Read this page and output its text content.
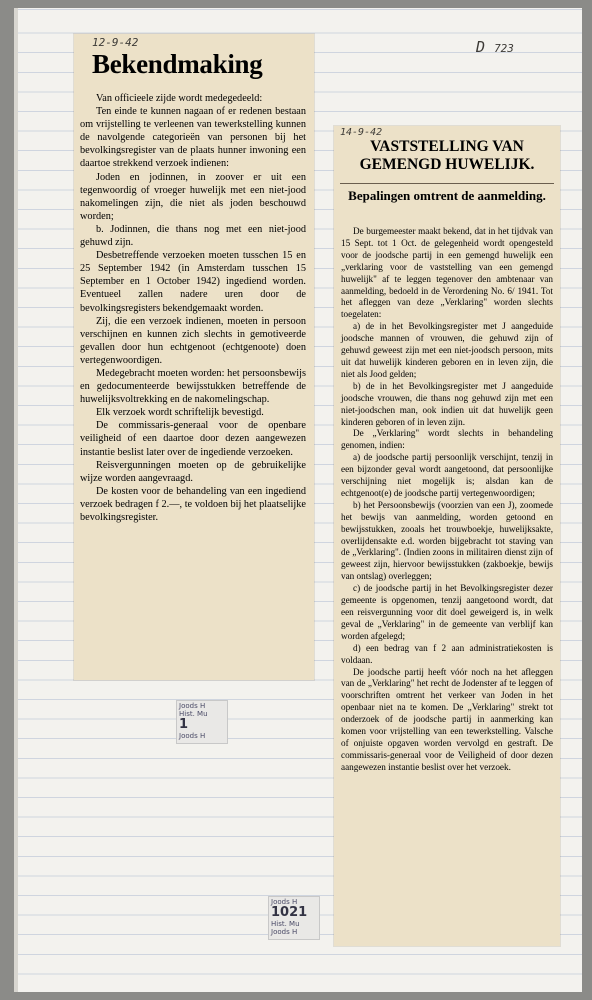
D 723
12-9-42
Bekendmaking

Van officieele zijde wordt medegedeeld:

Ten einde te kunnen nagaan of er redenen bestaan om vrijstelling te verleenen van tewerkstelling kunnen de navolgende categorieën van personen bij het bevolkingsregister van de plaats hunner inwoning een daartoe strekkend verzoek indienen:

Joden en jodinnen, in zoover er uit een tegenwoordig of vroeger huwelijk met een niet-jood nakomelingen zijn, die niet als joden beschouwd worden;

b. Jodinnen, die thans nog met een niet-jood gehuwd zijn.

Desbetreffende verzoeken moeten tusschen 15 en 25 September 1942 (in Amsterdam tusschen 15 September en 1 October 1942) ingediend worden. Eventueel zallen nadere uren door de bevolkingsregisters bekendgemaakt worden.

Zij, die een verzoek indienen, moeten in persoon verschijnen en kunnen zich slechts in gemotiveerde gevallen door hun echtgenoot (echtgenoote) doen vertegenwoordigen.

Medegebracht moeten worden: het persoonsbewijs en gedocumenteerde bewijsstukken betreffende de huwelijksvoltrekking en de nakomelingschap.

Elk verzoek wordt schriftelijk bevestigd.

De commissaris-generaal voor de openbare veiligheid of een daartoe door dezen aangewezen instantie beslist later over de ingediende verzoeken.

Reisvergunningen moeten op de gebruikelijke wijze worden aangevraagd.

De kosten voor de behandeling van een ingediend verzoek bedragen f 2.—, te voldoen bij het plaatselijke bevolkingsregister.

14-9-42
VASTSTELLING VAN
GEMENGD HUWELIJK.
Bepalingen omtrent de aanmelding.

De burgemeester maakt bekend, dat in het tijdvak van 15 Sept. tot 1 Oct. de gelegenheid wordt opengesteld voor de joodsche partij in een gemengd huwelijk een „verklaring voor de vaststelling van een gemengd huwelijk" af te leggen tegenover den ambtenaar van aanmelding, bedoeld in de Verordening No. 6/ 1941. Tot het afleggen van deze „Verklaring" worden slechts toegelaten:

a) de in het Bevolkingsregister met J aangeduide joodsche mannen of vrouwen, die gehuwd zijn of gehuwd geweest zijn met een niet-joodsch persoon, mits uit dat huwelijk kinderen geboren en in leven zijn, die niet als Jood gelden;

b) de in het Bevolkingsregister met J aangeduide joodsche vrouwen, die thans nog gehuwd zijn met een niet-joodschen man, ook indien uit dat huwelijk geen kinderen geboren of in leven zijn.

De „Verklaring" wordt slechts in behandeling genomen, indien:

a) de joodsche partij persoonlijk verschijnt, tenzij in een bijzonder geval wordt aangetoond, dat persoonlijke verschijning niet mogelijk is; alsdan kan de echtgenoot(e) de joodsche partij vertegenwoordigen;

b) het Persoonsbewijs (voorzien van een J), zoomede het bewijs van aanmelding, worden getoond en bewijsstukken, zooals het trouwboekje, huwelijksakte, overlijdensakte e.d. worden bijgebracht tot staving van de „Verklaring". (Indien zoons in militairen dienst zijn of geweest zijn, hiervoor bewijsstukken (zakboekje, bewijs van ontslag) overleggen;

c) de joodsche partij in het Bevolkingsregister dezer gemeente is opgenomen, tenzij aangetoond wordt, dat een reisvergunning voor dit doel geweigerd is, in welk geval de „Verklaring" in de gemeente van verblijf kan worden afgelegd;

d) een bedrag van f 2 aan administratiekosten is voldaan.

De joodsche partij heeft vóór noch na het afleggen van de „Verklaring" het recht de Jodenster af te leggen of voorschriften omtrent het verkeer van Joden in het openbaar niet na te komen. De „Verklaring" strekt tot onderzoek of de joodsche partij in aanmerking kan komen voor vrijstelling van een tewerkstelling. Valsche of onjuiste opgaven worden vervolgd en gestraft. De commissaris-generaal voor de Veiligheid of door dezen aangewezen instantie beslist over het verzoek.

Joods H
Hist. Mu
1
Joods H
Joods H
1021
Hist. Mu
Joods H
